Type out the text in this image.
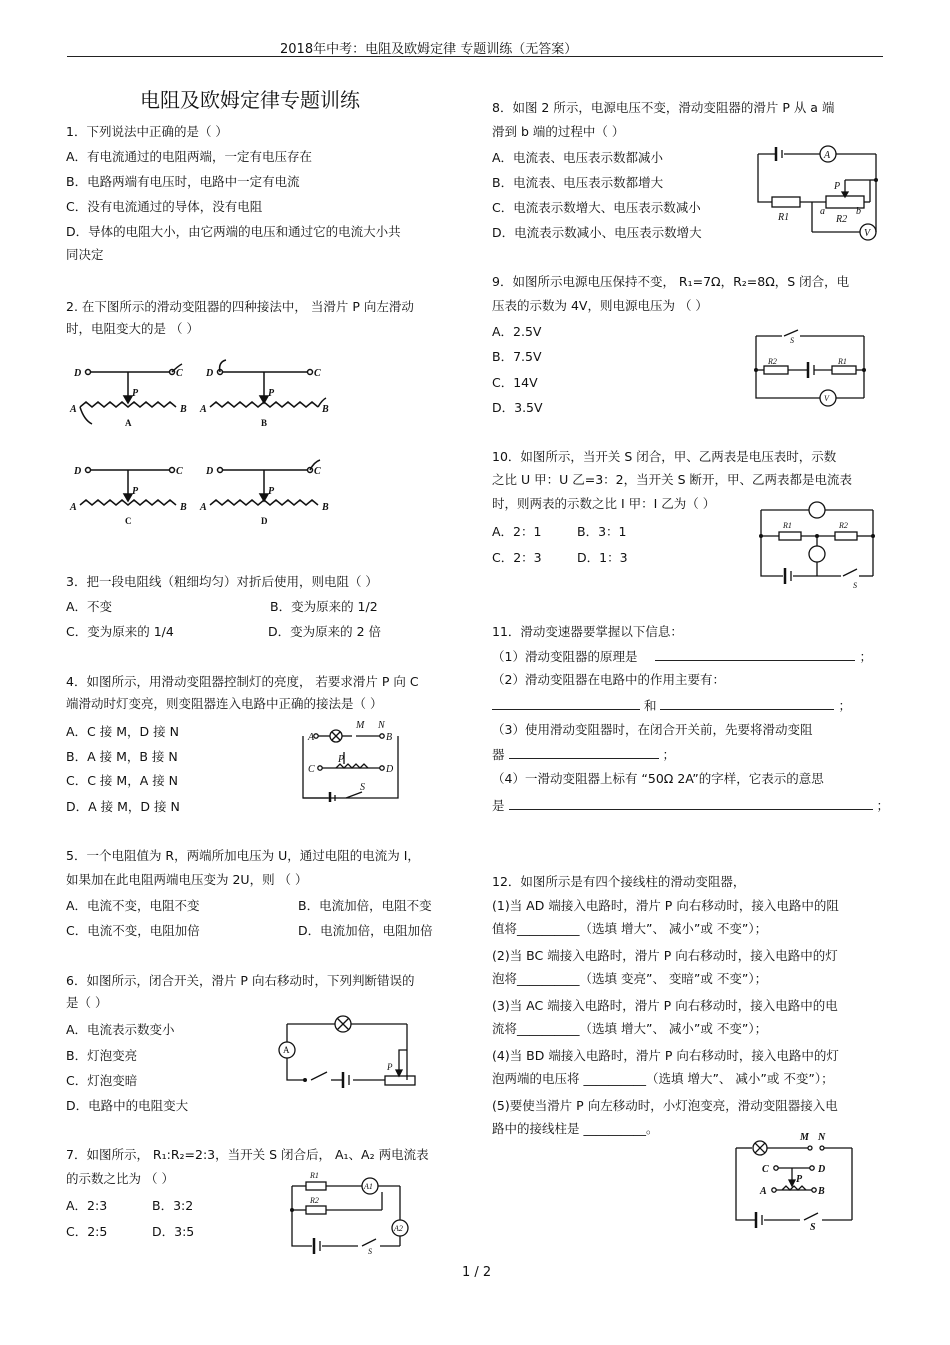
2018年中考：电阻及欧姆定律 专题训练（无答案）
电阻及欧姆定律专题训练
1．下列说法中正确的是（ ）
A．有电流通过的电阻两端，一定有电压存在
B．电路两端有电压时，电路中一定有电流
C．没有电流通过的导体，没有电阻
D．导体的电阻大小，由它两端的电压和通过它的电流大小共
同决定
2. 在下图所示的滑动变阻器的四种接法中， 当滑片 P 向左滑动
时，电阻变大的是 （ ）
D	C
P
A	B
D	C
P
A	B
D	C
P
A	B
D	C
P
A	B
A	B
C	D
3．把一段电阻线（粗细均匀）对折后使用，则电阻（ ）
A．不变	B．变为原来的 1/2
C．变为原来的 1/4	D．变为原来的 2 倍
4．如图所示，用滑动变阻器控制灯的亮度， 若要求滑片 P 向 C
端滑动时灯变亮，则变阻器连入电路中正确的接法是（ ）
A．C 接 M，D 接 N
B．A 接 M，B 接 N
C．C 接 M，A 接 N
D．A 接 M，D 接 N
M N
A	B
C	D
P
S
5．一个电阻值为 R，两端所加电压为 U，通过电阻的电流为 I，
如果加在此电阻两端电压变为 2U，则 （ ）
A．电流不变，电阻不变	B．电流加倍，电阻不变
C．电流不变，电阻加倍	D．电流加倍，电阻加倍
6．如图所示，闭合开关，滑片 P 向右移动时，下列判断错误的
是（ ）
A．电流表示数变小
B．灯泡变亮
C．灯泡变暗
D．电路中的电阻变大
A
P
7．如图所示， R₁:R₂=2:3，当开关 S 闭合后， A₁、A₂ 两电流表
的示数之比为 （ ）
A．2:3	B．3:2
C．2:5	D．3:5
R1
R2
A1
A2
S
8．如图 2 所示，电源电压不变，滑动变阻器的滑片 P 从 a 端
滑到 b 端的过程中（ ）
A．电流表、电压表示数都减小
B．电流表、电压表示数都增大
C．电流表示数增大、电压表示数减小
D．电流表示数减小、电压表示数增大
A
R1
P
a	b
R2
V
9．如图所示电源电压保持不变， R₁=7Ω，R₂=8Ω，S 闭合，电
压表的示数为 4V，则电源电压为 （ ）
A．2.5V
B．7.5V
C．14V
D．3.5V
S
R2	R1
V
10．如图所示，当开关 S 闭合，甲、乙两表是电压表时，示数
之比 U 甲：U 乙=3：2，当开关 S 断开，甲、乙两表都是电流表
时，则两表的示数之比 I 甲：I 乙为（ ）
A．2：1	B．3：1
C．2：3	D．1：3
R1	R2
S
11．滑动变速器要掌握以下信息：
（1）滑动变阻器的原理是	；
（2）滑动变阻器在电路中的作用主要有：
和	；
（3）使用滑动变阻器时，在闭合开关前，先要将滑动变阻
器	；
（4）一滑动变阻器上标有 “50Ω 2A”的字样，它表示的意思
是	；
12．如图所示是有四个接线柱的滑动变阻器，
(1)当 AD 端接入电路时，滑片 P 向右移动时，接入电路中的阻
值将__________（选填 增大”、 减小”或 不变”）；
(2)当 BC 端接入电路时，滑片 P 向右移动时，接入电路中的灯
泡将__________（选填 变亮”、 变暗”或 不变”）；
(3)当 AC 端接入电路时，滑片 P 向右移动时，接入电路中的电
流将__________（选填 增大”、 减小”或 不变”）；
(4)当 BD 端接入电路时，滑片 P 向右移动时，接入电路中的灯
泡两端的电压将 __________（选填 增大”、 减小”或 不变”）；
(5)要使当滑片 P 向左移动时，小灯泡变亮，滑动变阻器接入电
路中的接线柱是 __________。
M N
C	D
P
A	B
S
1 / 2
